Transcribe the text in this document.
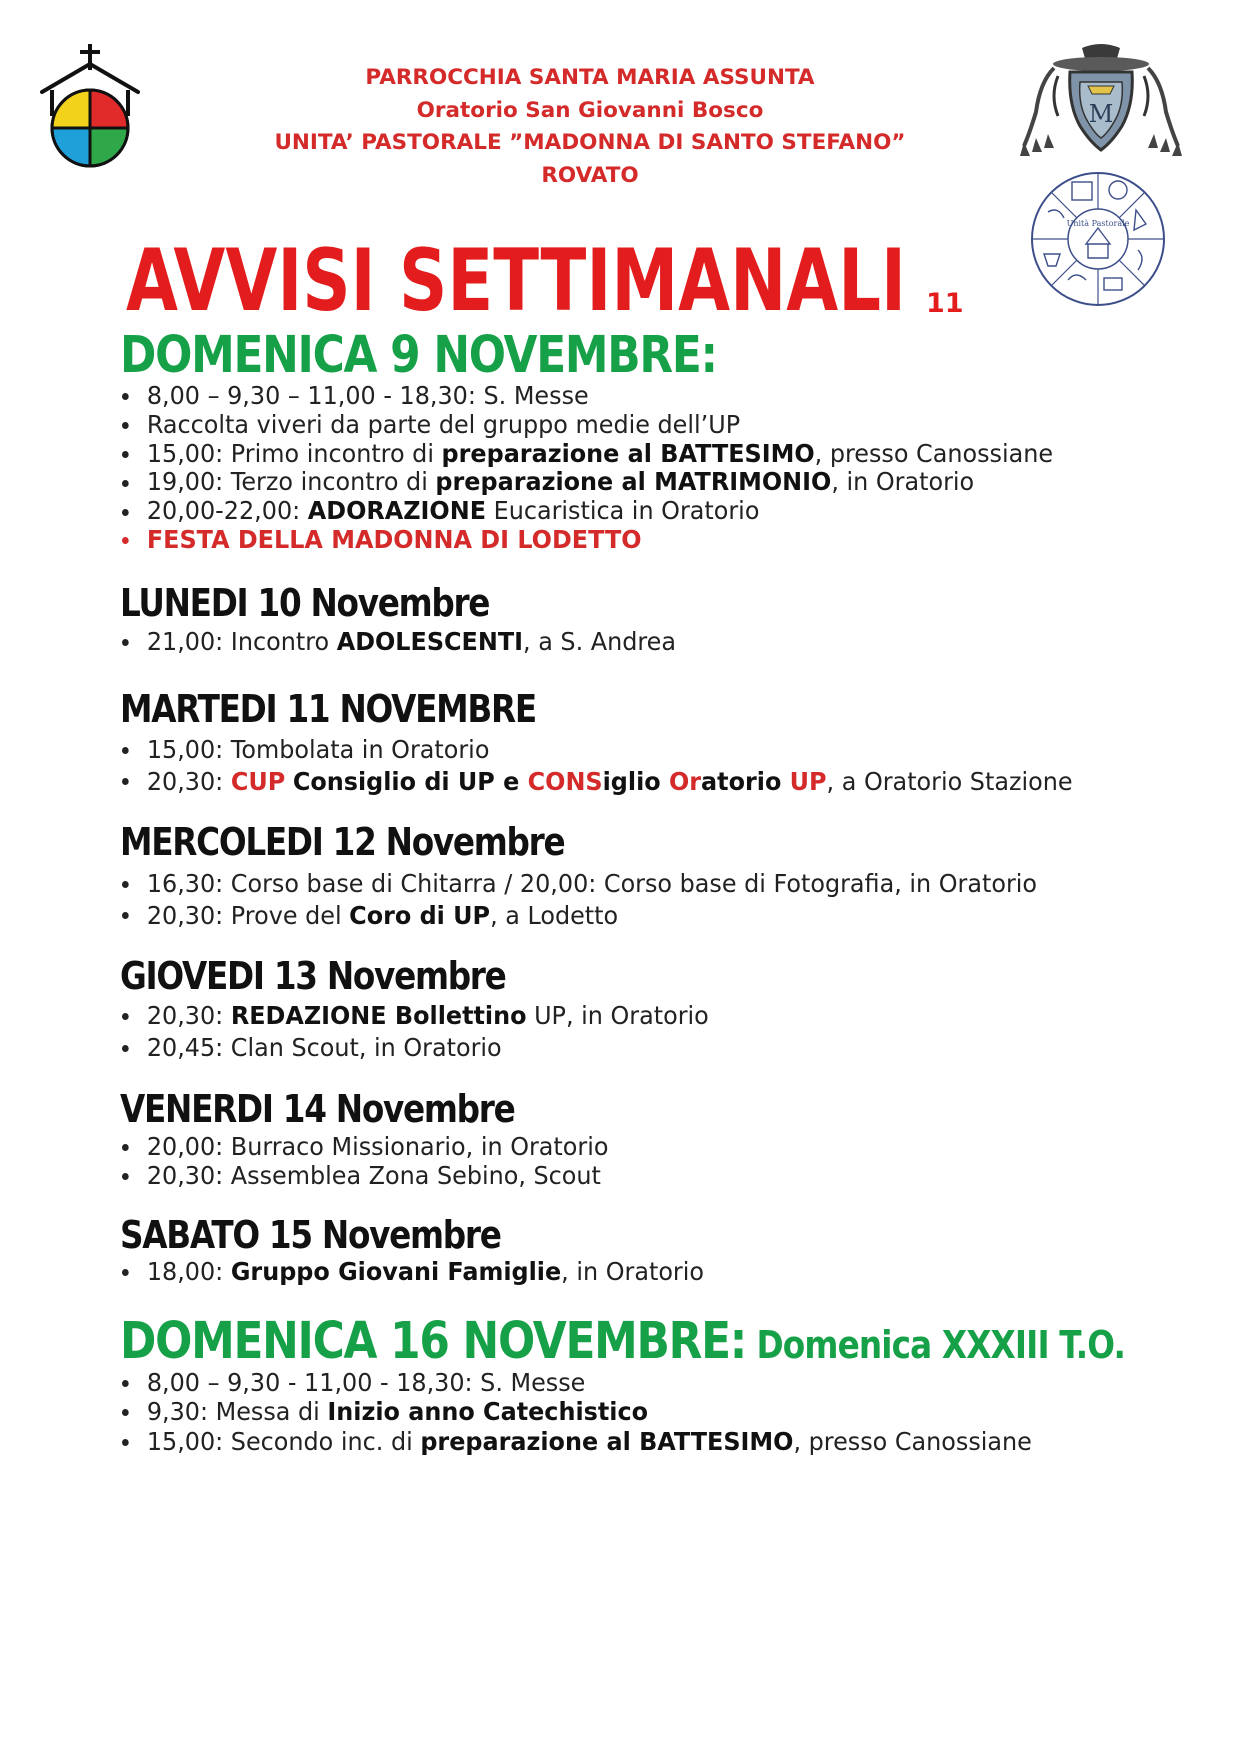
M
Unità Pastorale
PARROCCHIA SANTA MARIA ASSUNTA
Oratorio San Giovanni Bosco
UNITA’ PASTORALE ”MADONNA DI SANTO STEFANO”
ROVATO
AVVISI SETTIMANALI 11
DOMENICA 9 NOVEMBRE:
8,00 – 9,30 – 11,00 - 18,30: S. Messe
Raccolta viveri da parte del gruppo medie dell’UP
15,00: Primo incontro di preparazione al BATTESIMO, presso Canossiane
19,00: Terzo incontro di preparazione al MATRIMONIO, in Oratorio
20,00-22,00: ADORAZIONE Eucaristica in Oratorio
FESTA DELLA MADONNA DI LODETTO
LUNEDI 10 Novembre
21,00: Incontro ADOLESCENTI, a S. Andrea
MARTEDI 11 NOVEMBRE
15,00: Tombolata in Oratorio
20,30: CUP Consiglio di UP e CONSiglio Oratorio UP, a Oratorio Stazione
MERCOLEDI 12 Novembre
16,30: Corso base di Chitarra / 20,00: Corso base di Fotografia, in Oratorio
20,30: Prove del Coro di UP, a Lodetto
GIOVEDI 13 Novembre
20,30: REDAZIONE Bollettino UP, in Oratorio
20,45: Clan Scout, in Oratorio
VENERDI 14 Novembre
20,00: Burraco Missionario, in Oratorio
20,30: Assemblea Zona Sebino, Scout
SABATO 15 Novembre
18,00: Gruppo Giovani Famiglie, in Oratorio
DOMENICA 16 NOVEMBRE: Domenica XXXIII T.O.
8,00 – 9,30 - 11,00 - 18,30: S. Messe
9,30: Messa di Inizio anno Catechistico
15,00: Secondo inc. di preparazione al BATTESIMO, presso Canossiane
